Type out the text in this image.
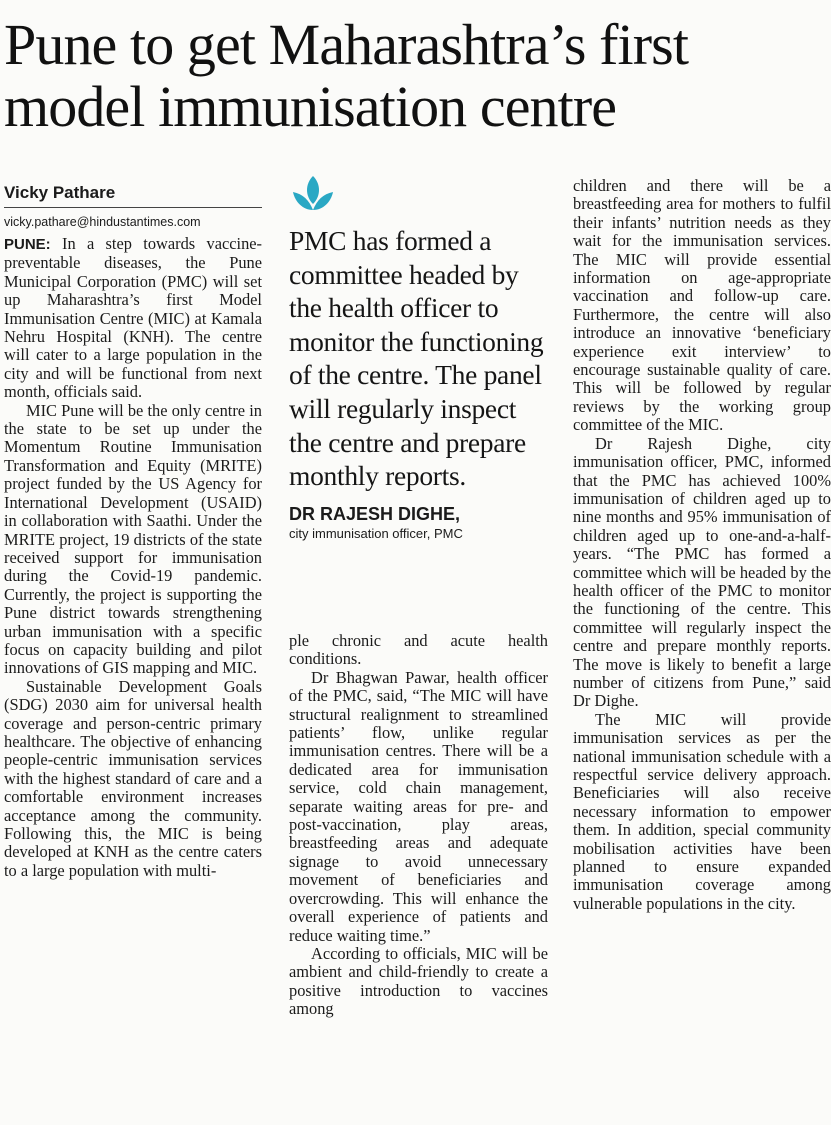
Pune to get Maharashtra’s first model immunisation centre
Vicky Pathare
vicky.pathare@hindustantimes.com

PUNE: In a step towards vaccine-preventable diseases, the Pune Municipal Corporation (PMC) will set up Maharashtra’s first Model Immunisation Centre (MIC) at Kamala Nehru Hospital (KNH). The centre will cater to a large population in the city and will be functional from next month, officials said.

MIC Pune will be the only centre in the state to be set up under the Momentum Routine Immunisation Transformation and Equity (MRITE) project funded by the US Agency for International Development (USAID) in collaboration with Saathi. Under the MRITE project, 19 districts of the state received support for immunisation during the Covid-19 pandemic. Currently, the project is supporting the Pune district towards strengthening urban immunisation with a specific focus on capacity building and pilot innovations of GIS mapping and MIC.

Sustainable Development Goals (SDG) 2030 aim for universal health coverage and person-centric primary healthcare. The objective of enhancing people-centric immunisation services with the highest standard of care and a comfortable environment increases acceptance among the community. Following this, the MIC is being developed at KNH as the centre caters to a large population with multi-

PMC has formed a committee headed by the health officer to monitor the functioning of the centre. The panel will regularly inspect the centre and prepare monthly reports.
DR RAJESH DIGHE,
city immunisation officer, PMC

ple chronic and acute health conditions.

Dr Bhagwan Pawar, health officer of the PMC, said, “The MIC will have structural realignment to streamlined patients’ flow, unlike regular immunisation centres. There will be a dedicated area for immunisation service, cold chain management, separate waiting areas for pre- and post-vaccination, play areas, breastfeeding areas and adequate signage to avoid unnecessary movement of beneficiaries and overcrowding. This will enhance the overall experience of patients and reduce waiting time.”

According to officials, MIC will be ambient and child-friendly to create a positive introduction to vaccines among

children and there will be a breastfeeding area for mothers to fulfil their infants’ nutrition needs as they wait for the immunisation services. The MIC will provide essential information on age-appropriate vaccination and follow-up care. Furthermore, the centre will also introduce an innovative ‘beneficiary experience exit interview’ to encourage sustainable quality of care. This will be followed by regular reviews by the working group committee of the MIC.

Dr Rajesh Dighe, city immunisation officer, PMC, informed that the PMC has achieved 100% immunisation of children aged up to nine months and 95% immunisation of children aged up to one-and-a-half-years. “The PMC has formed a committee which will be headed by the health officer of the PMC to monitor the functioning of the centre. This committee will regularly inspect the centre and prepare monthly reports. The move is likely to benefit a large number of citizens from Pune,” said Dr Dighe.

The MIC will provide immunisation services as per the national immunisation schedule with a respectful service delivery approach. Beneficiaries will also receive necessary information to empower them. In addition, special community mobilisation activities have been planned to ensure expanded immunisation coverage among vulnerable populations in the city.
